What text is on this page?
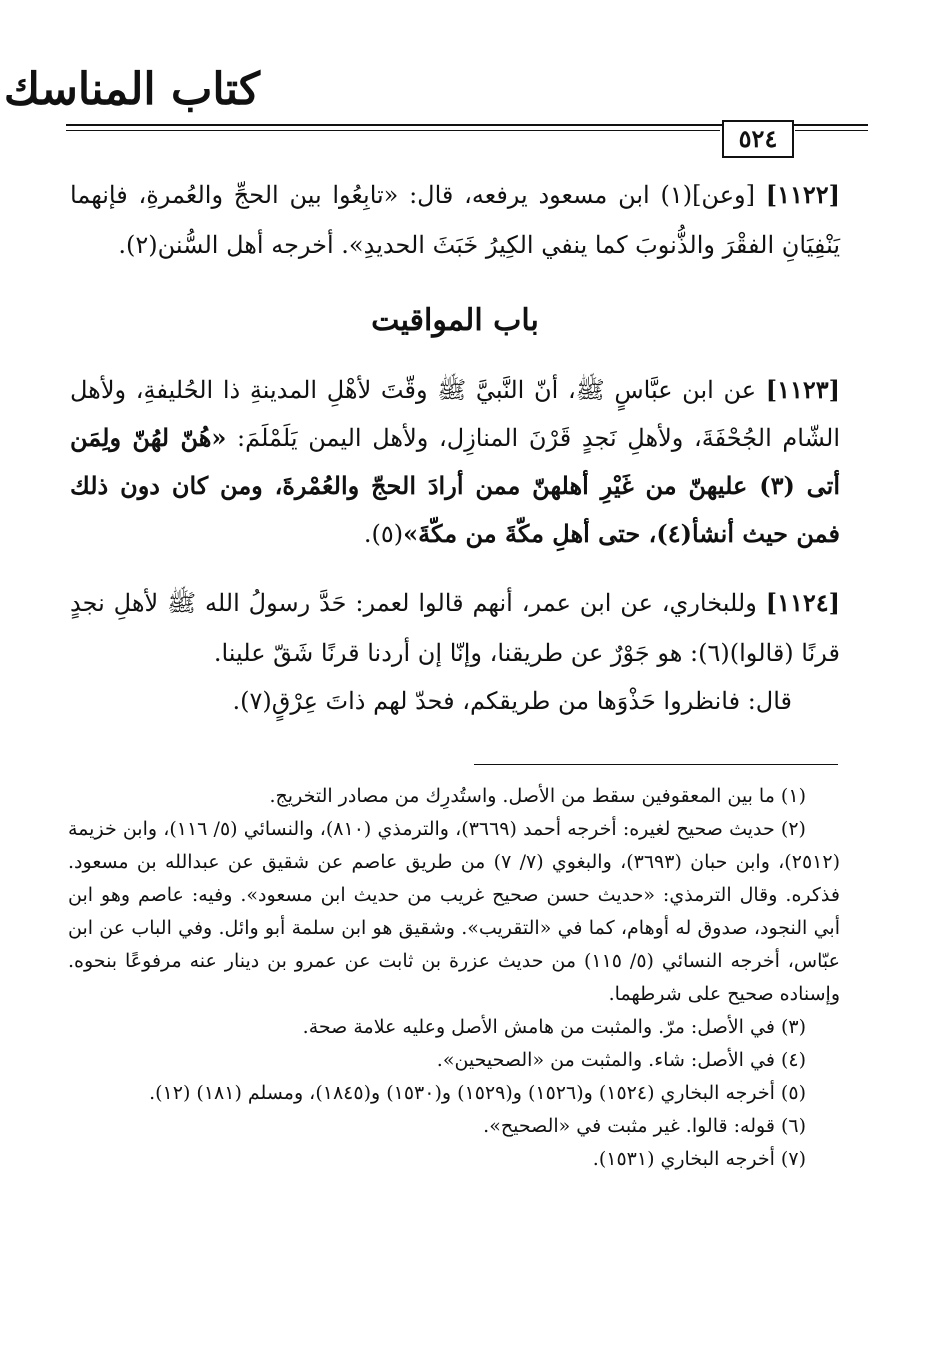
كتاب المناسك
٥٢٤

[١١٢٢] [وعن](١) ابن مسعود يرفعه، قال: «تابِعُوا بين الحجِّ والعُمرةِ، فإنهما يَنْفِيَانِ الفقْرَ والذُّنوبَ كما ينفي الكِيرُ خَبَثَ الحديدِ». أخرجه أهل السُّنن(٢).

باب المواقيت

[١١٢٣] عن ابن عبَّاسٍ ﷺ، أنّ النَّبيَّ ﷺ وقّتَ لأهْلِ المدينةِ ذا الحُليفةِ، ولأهل الشّام الجُحْفَةَ، ولأهلِ نَجدٍ قَرْنَ المنازِل، ولأهل اليمن يَلَمْلَمَ: «هُنّ لهُنّ ولِمَن أتى (٣) عليهنّ من غَيْرِ أهلهنّ ممن أرادَ الحجّ والعُمْرةَ، ومن كان دون ذلك فمن حيث أنشأ(٤)، حتى أهلِ مكّةَ من مكّةَ»(٥).

[١١٢٤] وللبخاري، عن ابن عمر، أنهم قالوا لعمر: حَدَّ رسولُ الله ﷺ لأهلِ نجدٍ قرنًا (قالوا)(٦): هو جَوْرٌ عن طريقنا، وإنّا إن أردنا قرنًا شَقّ علينا.

قال: فانظروا حَذْوَها من طريقكم، فحدّ لهم ذاتَ عِرْقٍ(٧).

(١) ما بين المعقوفين سقط من الأصل. واستُدرِك من مصادر التخريج.

(٢) حديث صحيح لغيره: أخرجه أحمد (٣٦٦٩)، والترمذي (٨١٠)، والنسائي (٥/ ١١٦)، وابن خزيمة (٢٥١٢)، وابن حبان (٣٦٩٣)، والبغوي (٧/ ٧) من طريق عاصم عن شقيق عن عبدالله بن مسعود. فذكره. وقال الترمذي: «حديث حسن صحيح غريب من حديث ابن مسعود». وفيه: عاصم وهو ابن أبي النجود، صدوق له أوهام، كما في «التقريب». وشقيق هو ابن سلمة أبو وائل. وفي الباب عن ابن عبّاس، أخرجه النسائي (٥/ ١١٥) من حديث عزرة بن ثابت عن عمرو بن دينار عنه مرفوعًا بنحوه. وإسناده صحيح على شرطهما.

(٣) في الأصل: مرّ. والمثبت من هامش الأصل وعليه علامة صحة.

(٤) في الأصل: شاء. والمثبت من «الصحيحين».

(٥) أخرجه البخاري (١٥٢٤) و(١٥٢٦) و(١٥٢٩) و(١٥٣٠) و(١٨٤٥)، ومسلم (١٨١) (١٢).

(٦) قوله: قالوا. غير مثبت في «الصحيح».

(٧) أخرجه البخاري (١٥٣١).
